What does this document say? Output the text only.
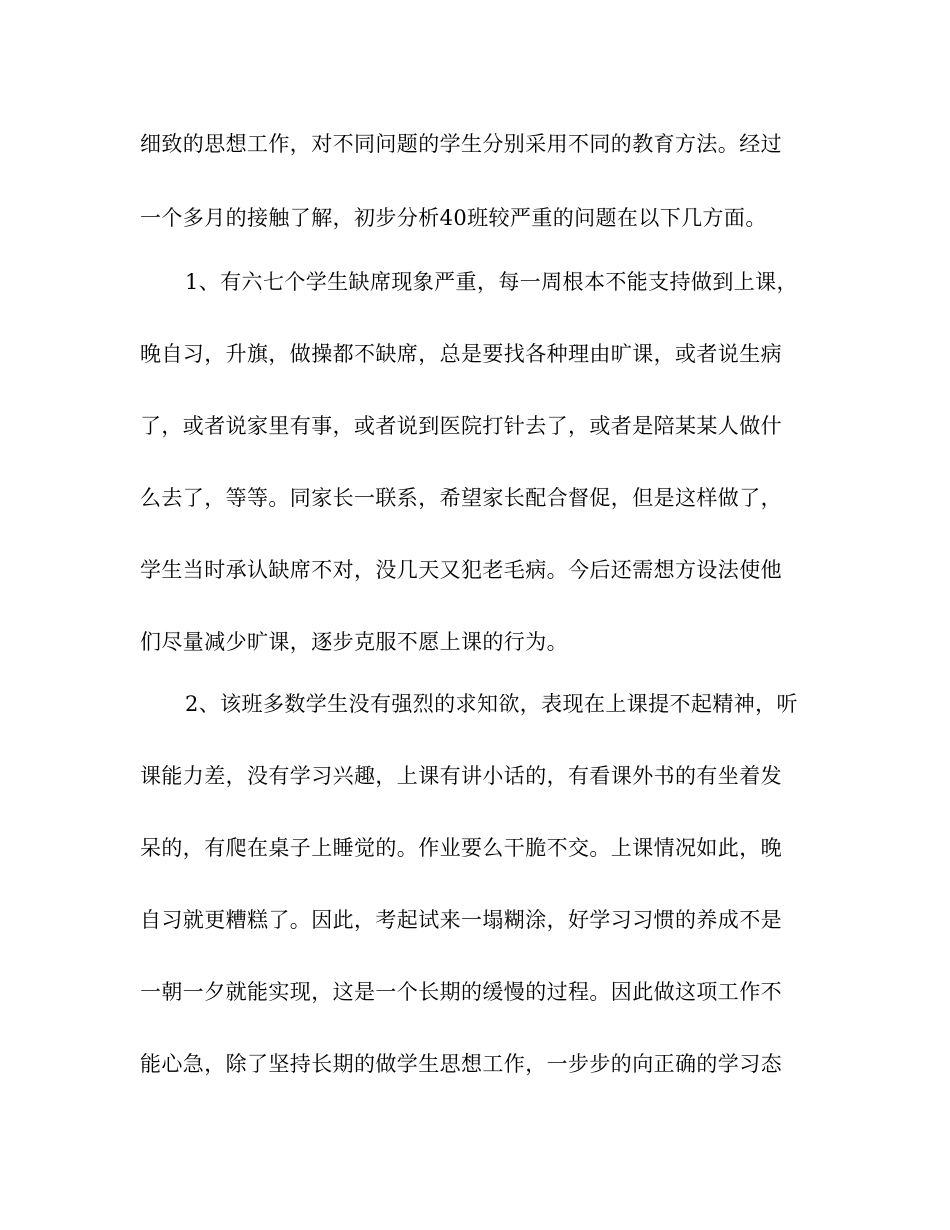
细致的思想工作，对不同问题的学生分别采用不同的教育方法。经过
一个多月的接触了解，初步分析40班较严重的问题在以下几方面。
1、有六七个学生缺席现象严重，每一周根本不能支持做到上课，
晚自习，升旗，做操都不缺席，总是要找各种理由旷课，或者说生病
了，或者说家里有事，或者说到医院打针去了，或者是陪某某人做什
么去了，等等。同家长一联系，希望家长配合督促，但是这样做了，
学生当时承认缺席不对，没几天又犯老毛病。今后还需想方设法使他
们尽量减少旷课，逐步克服不愿上课的行为。
2、该班多数学生没有强烈的求知欲，表现在上课提不起精神，听
课能力差，没有学习兴趣，上课有讲小话的，有看课外书的有坐着发
呆的，有爬在桌子上睡觉的。作业要么干脆不交。上课情况如此，晚
自习就更糟糕了。因此，考起试来一塌糊涂，好学习习惯的养成不是
一朝一夕就能实现，这是一个长期的缓慢的过程。因此做这项工作不
能心急，除了坚持长期的做学生思想工作，一步步的向正确的学习态
